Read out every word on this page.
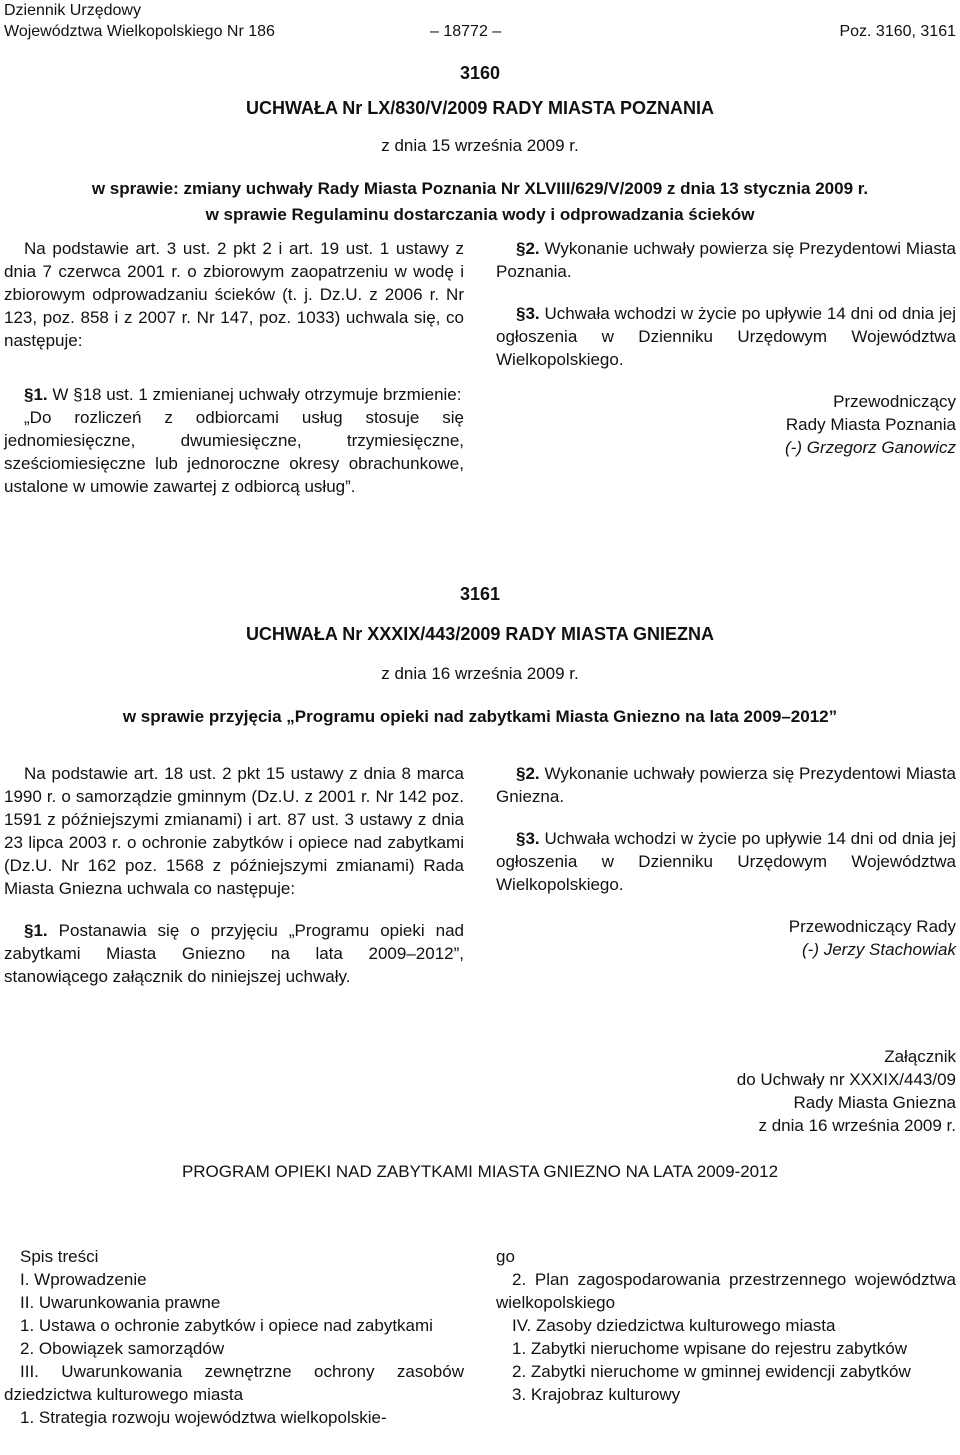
Dziennik Urzędowy
Województwa Wielkopolskiego Nr 186	– 18772 –	Poz. 3160, 3161
3160
UCHWAŁA Nr LX/830/V/2009 RADY MIASTA POZNANIA
z dnia 15 września 2009 r.
w sprawie: zmiany uchwały Rady Miasta Poznania Nr XLVIII/629/V/2009 z dnia 13 stycznia 2009 r.
w sprawie Regulaminu dostarczania wody i odprowadzania ścieków

Na podstawie art. 3 ust. 2 pkt 2 i art. 19 ust. 1 ustawy z dnia 7 czerwca 2001 r. o zbiorowym zaopatrzeniu w wodę i zbiorowym odprowadzaniu ścieków (t. j. Dz.U. z 2006 r. Nr 123, poz. 858 i z 2007 r. Nr 147, poz. 1033) uchwala się, co następuje:

§1. W §18 ust. 1 zmienianej uchwały otrzymuje brzmienie:

„Do rozliczeń z odbiorcami usług stosuje się jednomiesięczne, dwumiesięczne, trzymiesięczne, sześciomiesięczne lub jednoroczne okresy obrachunkowe, ustalone w umowie zawartej z odbiorcą usług”.

§2. Wykonanie uchwały powierza się Prezydentowi Miasta Poznania.

§3. Uchwała wchodzi w życie po upływie 14 dni od dnia jej ogłoszenia w Dzienniku Urzędowym Województwa Wielkopolskiego.

Przewodniczący
Rady Miasta Poznania
(-) Grzegorz Ganowicz
3161
UCHWAŁA Nr XXXIX/443/2009 RADY MIASTA GNIEZNA
z dnia 16 września 2009 r.
w sprawie przyjęcia „Programu opieki nad zabytkami Miasta Gniezno na lata 2009–2012”

Na podstawie art. 18 ust. 2 pkt 15 ustawy z dnia 8 marca 1990 r. o samorządzie gminnym (Dz.U. z 2001 r. Nr 142 poz. 1591 z późniejszymi zmianami) i art. 87 ust. 3 ustawy z dnia 23 lipca 2003 r. o ochronie zabytków i opiece nad zabytkami (Dz.U. Nr 162 poz. 1568 z późniejszymi zmianami) Rada Miasta Gniezna uchwala co następuje:

§1. Postanawia się o przyjęciu „Programu opieki nad zabytkami Miasta Gniezno na lata 2009–2012”, stanowiącego załącznik do niniejszej uchwały.

§2. Wykonanie uchwały powierza się Prezydentowi Miasta Gniezna.

§3. Uchwała wchodzi w życie po upływie 14 dni od dnia jej ogłoszenia w Dzienniku Urzędowym Województwa Wielkopolskiego.

Przewodniczący Rady
(-) Jerzy Stachowiak
Załącznik
do Uchwały nr XXXIX/443/09
Rady Miasta Gniezna
z dnia 16 września 2009 r.
PROGRAM OPIEKI NAD ZABYTKAMI MIASTA GNIEZNO NA LATA 2009-2012
Spis treści
I. Wprowadzenie
II. Uwarunkowania prawne
1. Ustawa o ochronie zabytków i opiece nad zabytkami
2. Obowiązek samorządów
III. Uwarunkowania zewnętrzne ochrony zasobów dziedzictwa kulturowego miasta
1. Strategia rozwoju województwa wielkopolskie-
go
2. Plan zagospodarowania przestrzennego województwa wielkopolskiego
IV. Zasoby dziedzictwa kulturowego miasta
1. Zabytki nieruchome wpisane do rejestru zabytków
2. Zabytki nieruchome w gminnej ewidencji zabytków
3. Krajobraz kulturowy
